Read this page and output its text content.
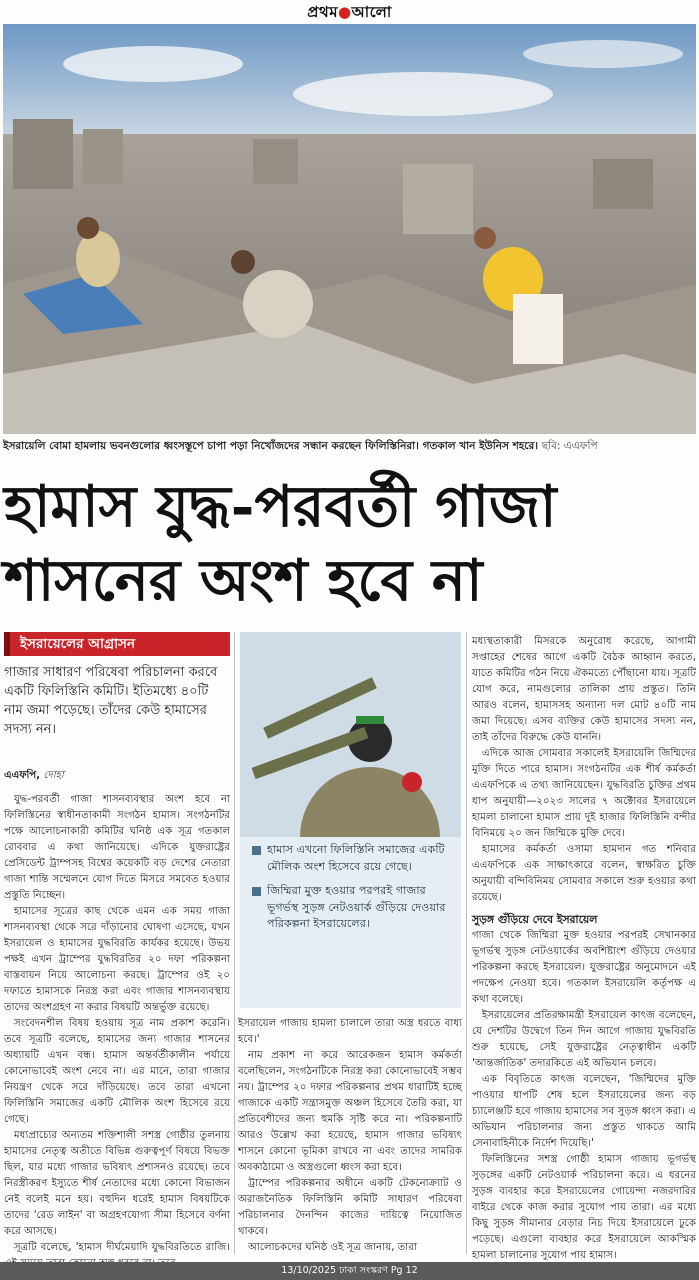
প্রথম●আলো
ইসরায়েলি বোমা হামলায় ভবনগুলোর ধ্বংসস্তূপে চাপা পড়া নিখোঁজদের সন্ধান করছেন ফিলিস্তিনিরা। গতকাল খান ইউনিস শহরে। ছবি: এএফপি
হামাস যুদ্ধ-পরবর্তী গাজা
শাসনের অংশ হবে না
ইসরায়েলের আগ্রাসন
গাজার সাধারণ পরিষেবা পরিচালনা করবে একটি ফিলিস্তিনি কমিটি। ইতিমধ্যে ৪০টি নাম জমা পড়েছে। তাঁদের কেউ হামাসের সদস্য নন।
এএফপি, দোহা

যুদ্ধ-পরবর্তী গাজা শাসনব্যবস্থার অংশ হবে না ফিলিস্তিনের স্বাধীনতাকামী সংগঠন হামাস। সংগঠনটির পক্ষে আলোচনাকারী কমিটির ঘনিষ্ঠ এক সূত্র গতকাল রোববার এ কথা জানিয়েছে। এদিকে যুক্তরাষ্ট্রের প্রেসিডেন্ট ট্রাম্পসহ বিশ্বের কয়েকটি বড় দেশের নেতারা গাজা শান্তি সম্মেলনে যোগ দিতে মিসরে সমবেত হওয়ার প্রস্তুতি নিচ্ছেন।

হামাসের সূত্রের কাছ থেকে এমন এক সময় গাজা শাসনব্যবস্থা থেকে সরে দাঁড়ানোর ঘোষণা এসেছে, যখন ইসরায়েল ও হামাসের যুদ্ধবিরতি কার্যকর হয়েছে। উভয় পক্ষই এখন ট্রাম্পের যুদ্ধবিরতির ২০ দফা পরিকল্পনা বাস্তবায়ন নিয়ে আলোচনা করছে। ট্রাম্পের ওই ২০ দফাতে হামাসকে নিরস্ত্র করা এবং গাজার শাসনব্যবস্থায় তাদের অংশগ্রহণ না করার বিষয়টি অন্তর্ভুক্ত রয়েছে।

সংবেদনশীল বিষয় হওয়ায় সূত্র নাম প্রকাশ করেনি। তবে সূত্রটি বলেছে, হামাসের জন্য গাজার শাসনের অধ্যায়টি এখন বন্ধ। হামাস অন্তর্বর্তীকালীন পর্যায়ে কোনোভাবেই অংশ নেবে না। এর মানে, তারা গাজার নিয়ন্ত্রণ থেকে সরে দাঁড়িয়েছে। তবে তারা এখনো ফিলিস্তিনি সমাজের একটি মৌলিক অংশ হিসেবে রয়ে গেছে।

মধ্যপ্রাচ্যের অন্যতম শক্তিশালী সশস্ত্র গোষ্ঠীর তুলনায় হামাসের নেতৃত্ব অতীতে বিভিন্ন গুরুত্বপূর্ণ বিষয়ে বিভক্ত ছিল, যার মধ্যে গাজার ভবিষ্যৎ প্রশাসনও রয়েছে। তবে নিরস্ত্রীকরণ ইস্যুতে শীর্ষ নেতাদের মধ্যে কোনো বিভাজন নেই বলেই মনে হয়। বহুদিন ধরেই হামাস বিষয়টিকে তাদের 'রেড লাইন' বা অগ্রহণযোগ্য সীমা হিসেবে বর্ণনা করে আসছে।

সূত্রটি বলেছে, 'হামাস দীর্ঘমেয়াদি যুদ্ধবিরতিতে রাজি।

হামাস এখনো ফিলিস্তিনি সমাজের একটি মৌলিক অংশ হিসেবে রয়ে গেছে।
জিম্মিরা মুক্ত হওয়ার পরপরই গাজার ভূগর্ভস্থ সুড়ঙ্গ নেটওয়ার্ক গুঁড়িয়ে দেওয়ার পরিকল্পনা ইসরায়েলের।

ইসরায়েল গাজায় হামলা চালালে তারা অস্ত্র ধরতে বাধ্য হবে।'

নাম প্রকাশ না করে আরেকজন হামাস কর্মকর্তা বলেছিলেন, সংগঠনটিকে নিরস্ত্র করা কোনোভাবেই সম্ভব নয়। ট্রাম্পের ২০ দফার পরিকল্পনার প্রথম ধারাটিই হচ্ছে গাজাকে একটি সন্ত্রাসমুক্ত অঞ্চল হিসেবে তৈরি করা, যা প্রতিবেশীদের জন্য হুমকি সৃষ্টি করে না। পরিকল্পনাটি আরও উল্লেখ করা হয়েছে, হামাস গাজার ভবিষ্যৎ শাসনে কোনো ভূমিকা রাখবে না এবং তাদের সামরিক অবকাঠামো ও অস্ত্রগুলো ধ্বংস করা হবে।

ট্রাম্পের পরিকল্পনার অধীনে একটি টেকনোক্র্যাট ও অরাজনৈতিক ফিলিস্তিনি কমিটি সাধারণ পরিষেবা পরিচালনার দৈনন্দিন কাজের দায়িত্বে নিয়োজিত থাকবে।

আলোচকদের ঘনিষ্ঠ ওই সূত্র জানায়, তারা

মধ্যস্থতাকারী মিসরকে অনুরোধ করেছে, আগামী সপ্তাহের শেষের আগে একটি বৈঠক আহ্বান করতে, যাতে কমিটির গঠন নিয়ে ঐকমত্যে পৌঁছানো যায়। সূত্রটি যোগ করে, নামগুলোর তালিকা প্রায় প্রস্তুত। তিনি আরও বলেন, হামাসসহ অন্যান্য দল মোট ৪০টি নাম জমা দিয়েছে। এসব ব্যক্তির কেউ হামাসের সদস্য নন, তাই তাঁদের বিরুদ্ধে কেউ যাননি।

এদিকে আজ সোমবার সকালেই ইসরায়েলি জিম্মিদের মুক্তি দিতে পারে হামাস। সংগঠনটির এক শীর্ষ কর্মকর্তা এএফপিকে এ তথ্য জানিয়েছেন। যুদ্ধবিরতি চুক্তির প্রথম ধাপ অনুযায়ী—২০২৩ সালের ৭ অক্টোবর ইসরায়েলে হামলা চালানো হামাস প্রায় দুই হাজার ফিলিস্তিনি বন্দীর বিনিময়ে ২০ জন জিম্মিকে মুক্তি দেবে।

হামাসের কর্মকর্তা ওসামা হামদান গত শনিবার এএফপিকে এক সাক্ষাৎকারে বলেন, স্বাক্ষরিত চুক্তি অনুযায়ী বন্দিবিনিময় সোমবার সকালে শুরু হওয়ার কথা রয়েছে।

সুড়ঙ্গ গুঁড়িয়ে দেবে ইসরায়েল

গাজা থেকে জিম্মিরা মুক্ত হওয়ার পরপরই সেখানকার ভূগর্ভস্থ সুড়ঙ্গ নেটওয়ার্কের অবশিষ্টাংশ গুঁড়িয়ে দেওয়ার পরিকল্পনা করছে ইসরায়েল। যুক্তরাষ্ট্রের অনুমোদনে এই পদক্ষেপ নেওয়া হবে। গতকাল ইসরায়েলি কর্তৃপক্ষ এ কথা বলেছে।

ইসরায়েলের প্রতিরক্ষামন্ত্রী ইসরায়েল কাৎজ বলেছেন, যে দেশটির উদ্বেগে তিন দিন আগে গাজায় যুদ্ধবিরতি শুরু হয়েছে, সেই যুক্তরাষ্ট্রের নেতৃত্বাধীন একটি 'আন্তর্জাতিক' তদারকিতে এই অভিযান চলবে।

এক বিবৃতিতে কাৎজ বলেছেন, 'জিম্মিদের মুক্তি পাওয়ার ধাপটি শেষ হলে ইসরায়েলের জন্য বড় চ্যালেঞ্জটি হবে গাজায় হামাসের সব সুড়ঙ্গ ধ্বংস করা। এ অভিযান পরিচালনার জন্য প্রস্তুত থাকতে আমি সেনাবাহিনীকে নির্দেশ দিয়েছি।'

ফিলিস্তিনের সশস্ত্র গোষ্ঠী হামাস গাজায় ভূগর্ভস্থ সুড়ঙ্গের একটি নেটওয়ার্ক পরিচালনা করে। এ ধরনের সুড়ঙ্গ ব্যবহার করে ইসরায়েলের গোয়েন্দা নজরদারির বাইরে থেকে কাজ করার সুযোগ পায় তারা। এর মধ্যে কিছু সুড়ঙ্গ সীমানার বেড়ার নিচ দিয়ে ইসরায়েলে ঢুকে পড়েছে। এগুলো ব্যবহার করে ইসরায়েলে আকস্মিক হামলা চালানোর সুযোগ পায় হামাস।

13/10/2025 ঢাকা সংস্করণ Pg 12
